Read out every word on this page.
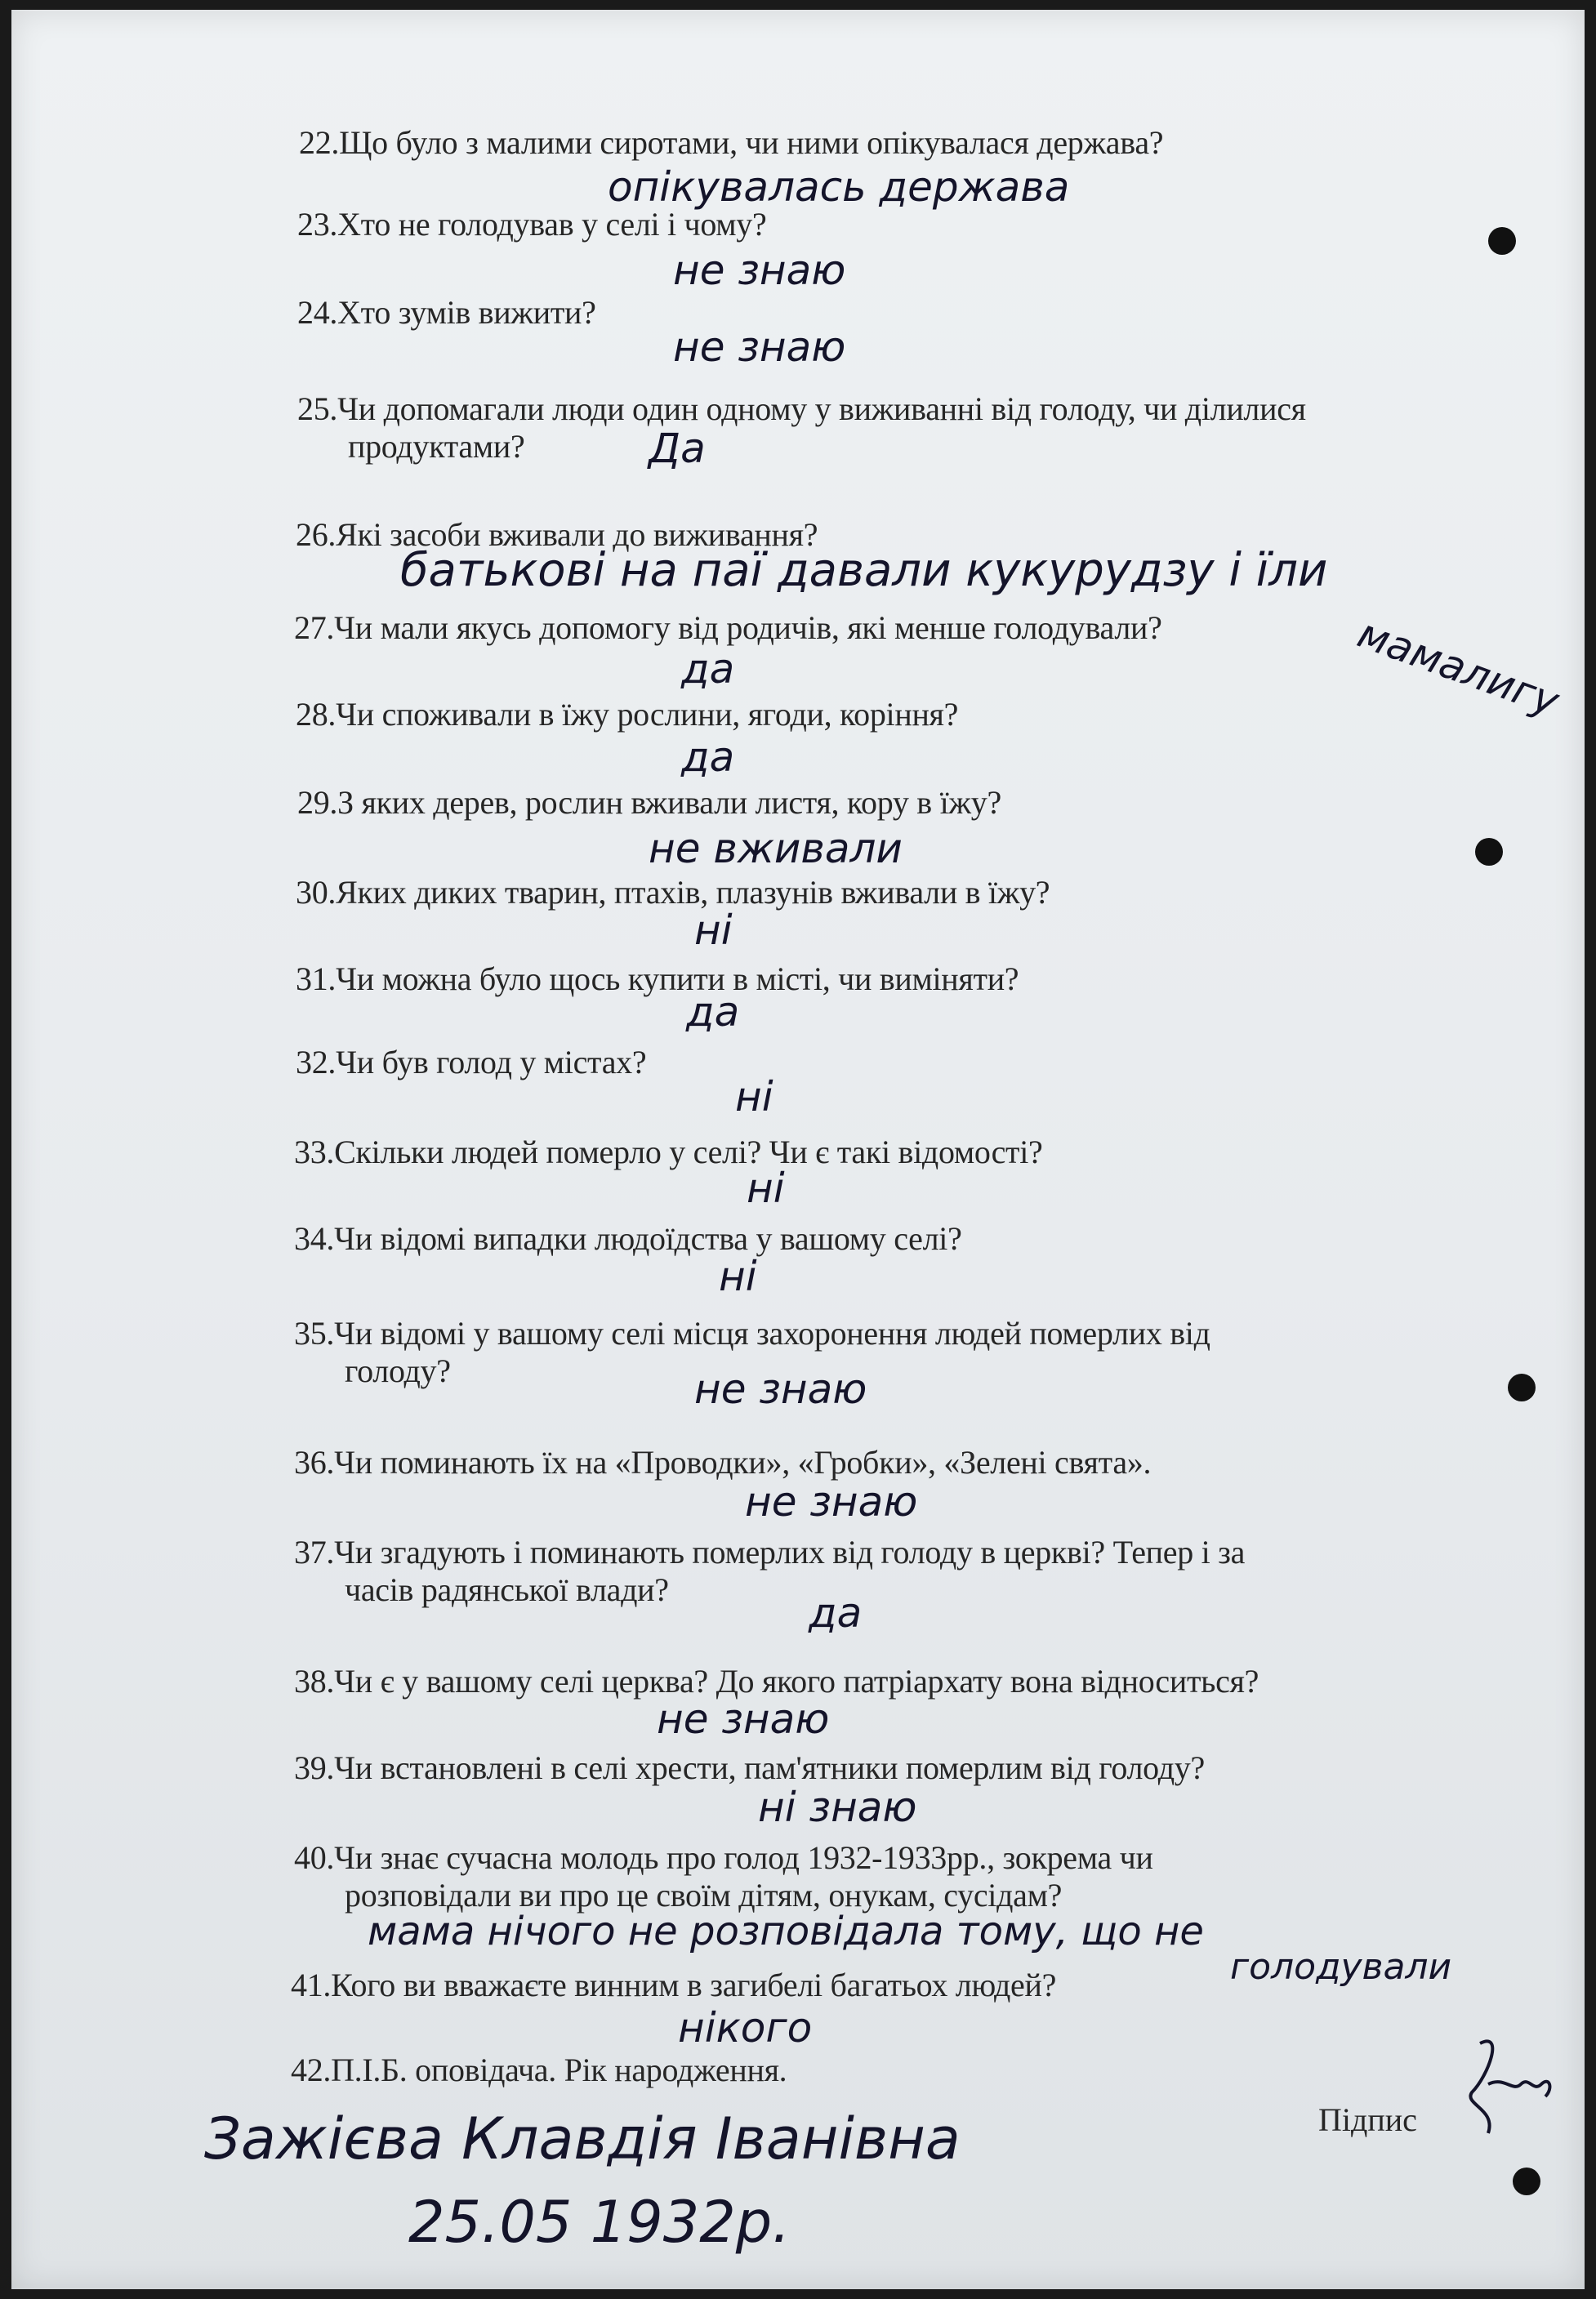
22.Що було з малими сиротами, чи ними опікувалася держава?
опікувалась держава
23.Хто не голодував у селі і чому?
не знаю
24.Хто зумів вижити?
не знаю
25.Чи допомагали люди один одному у виживанні від голоду, чи ділилися
продуктами?	Да
26.Які засоби вживали до виживання?
батькові на паї давали кукурудзу і їли
мамалигу
27.Чи мали якусь допомогу від родичів, які менше голодували?
да
28.Чи споживали в їжу рослини, ягоди, коріння?
да
29.З яких дерев, рослин вживали листя, кору в їжу?
не вживали
30.Яких диких тварин, птахів, плазунів вживали в їжу?
ні
31.Чи можна було щось купити в місті, чи виміняти?
да
32.Чи був голод у містах?
ні
33.Скільки людей померло у селі? Чи є такі відомості?
ні
34.Чи відомі випадки людоїдства у вашому селі?
ні
35.Чи відомі у вашому селі місця захоронення людей померлих від
голоду?	не знаю
36.Чи поминають їх на «Проводки», «Гробки», «Зелені свята».
не знаю
37.Чи згадують і поминають померлих від голоду в церкві? Тепер і за
часів радянської влади?	да
38.Чи є у вашому селі церква? До якого патріархату вона відноситься?
не знаю
39.Чи встановлені в селі хрести, пам'ятники померлим від голоду?
ні знаю
40.Чи знає сучасна молодь про голод 1932-1933рр., зокрема чи
розповідали ви про це своїм дітям, онукам, сусідам?
мама нічого не розповідала тому, що не
голодували
41.Кого ви вважаєте винним в загибелі багатьох людей?
нікого
42.П.І.Б. оповідача. Рік народження.
Зажієва Клавдія Іванівна
25.05 1932р.
Підпис
